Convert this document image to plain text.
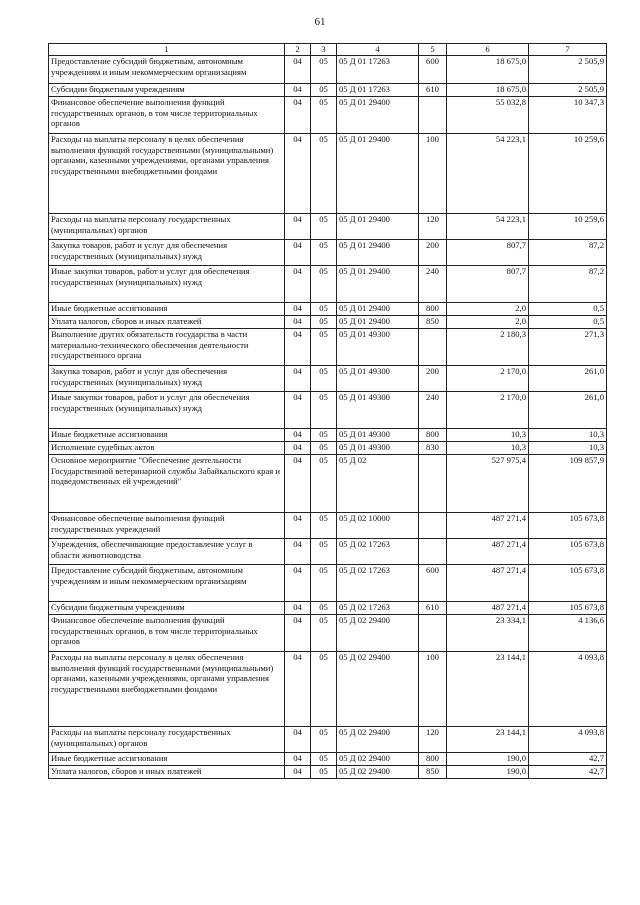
61
1	2	3	4	5	6	7
Предоставление субсидий бюджетным, автономным учреждениям и иным некоммерческим организациям	04	05	05 Д 01 17263	600	18 675,0	2 505,9
Субсидии бюджетным учреждениям	04	05	05 Д 01 17263	610	18 675,0	2 505,9
Финансовое обеспечение выполнения функций государственных органов, в том числе территориальных органов	04	05	05 Д 01 29400		55 032,8	10 347,3
Расходы на выплаты персоналу в целях обеспечения выполнения функций государственными (муниципальными) органами, казенными учреждениями, органами управления государственными внебюджетными фондами	04	05	05 Д 01 29400	100	54 223,1	10 259,6
Расходы на выплаты персоналу государственных (муниципальных) органов	04	05	05 Д 01 29400	120	54 223,1	10 259,6
Закупка товаров, работ и услуг для обеспечения государственных (муниципальных) нужд	04	05	05 Д 01 29400	200	807,7	87,2
Иные закупки товаров, работ и услуг для обеспечения государственных (муниципальных) нужд	04	05	05 Д 01 29400	240	807,7	87,2
Иные бюджетные ассигнования	04	05	05 Д 01 29400	800	2,0	0,5
Уплата налогов, сборов и иных платежей	04	05	05 Д 01 29400	850	2,0	0,5
Выполнение других обязательств государства в части материально-технического обеспечения деятельности государственного органа	04	05	05 Д 01 49300		2 180,3	271,3
Закупка товаров, работ и услуг для обеспечения государственных (муниципальных) нужд	04	05	05 Д 01 49300	200	2 170,0	261,0
Иные закупки товаров, работ и услуг для обеспечения государственных (муниципальных) нужд	04	05	05 Д 01 49300	240	2 170,0	261,0
Иные бюджетные ассигнования	04	05	05 Д 01 49300	800	10,3	10,3
Исполнение судебных актов	04	05	05 Д 01 49300	830	10,3	10,3
Основное мероприятие "Обеспечение деятельности Государственной ветеринарной службы Забайкальского края и подведомственных ей учреждений"	04	05	05 Д 02		527 975,4	109 857,9
Финансовое обеспечение выполнения функций государственных учреждений	04	05	05 Д 02 10000		487 271,4	105 673,8
Учреждения, обеспечивающие предоставление услуг в области животноводства	04	05	05 Д 02 17263		487 271,4	105 673,8
Предоставление субсидий бюджетным, автономным учреждениям и иным некоммерческим организациям	04	05	05 Д 02 17263	600	487 271,4	105 673,8
Субсидии бюджетным учреждениям	04	05	05 Д 02 17263	610	487 271,4	105 673,8
Финансовое обеспечение выполнения функций государственных органов, в том числе территориальных органов	04	05	05 Д 02 29400		23 334,1	4 136,6
Расходы на выплаты персоналу в целях обеспечения выполнения функций государственными (муниципальными) органами, казенными учреждениями, органами управления государственными внебюджетными фондами	04	05	05 Д 02 29400	100	23 144,1	4 093,8
Расходы на выплаты персоналу государственных (муниципальных) органов	04	05	05 Д 02 29400	120	23 144,1	4 093,8
Иные бюджетные ассигнования	04	05	05 Д 02 29400	800	190,0	42,7
Уплата налогов, сборов и иных платежей	04	05	05 Д 02 29400	850	190,0	42,7
